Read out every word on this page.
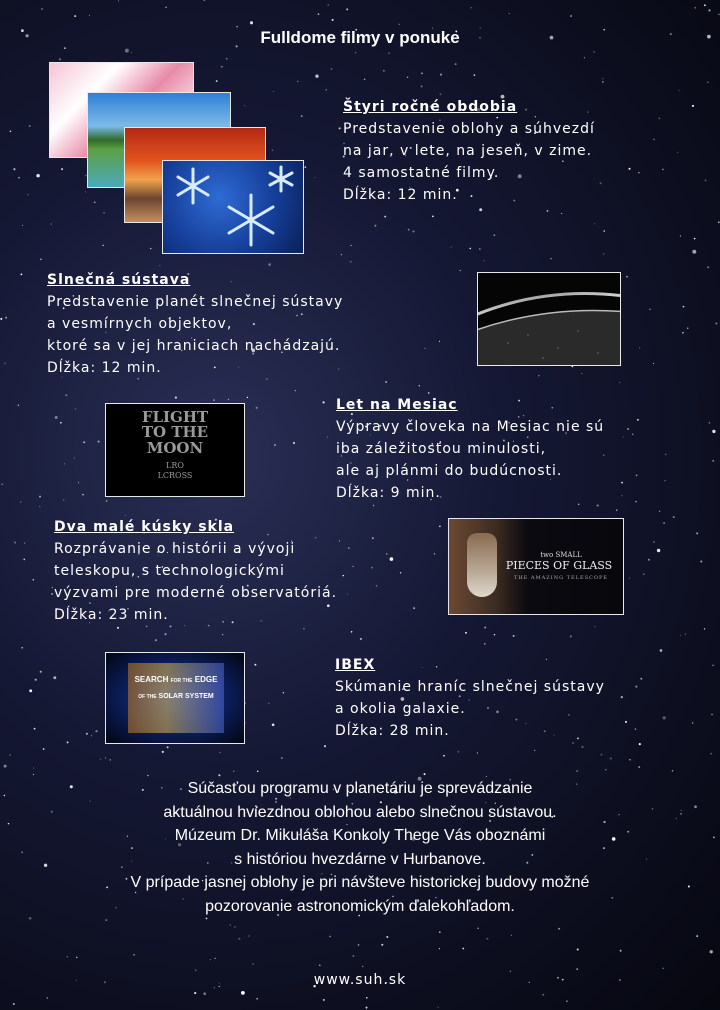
Fulldome filmy v ponuke
Štyri ročné obdobia
Predstavenie oblohy a súhvezdí
na jar, v lete, na jeseň, v zime.
4 samostatné filmy.
Dĺžka: 12 min.
Slnečná sústava
Predstavenie planét slnečnej sústavy
a vesmírnych objektov,
ktoré sa v jej hraniciach nachádzajú.
Dĺžka: 12 min.
FLIGHT
TO THE
MOON
LRO
LCROSS
Let na Mesiac
Výpravy človeka na Mesiac nie sú
iba záležitosťou minulosti,
ale aj plánmi do budúcnosti.
Dĺžka: 9 min.
Dva malé kúsky skla
Rozprávanie o histórii a vývoji
teleskopu, s technologickými
výzvami pre moderné observatóriá.
Dĺžka: 23 min.
two SMALL
PIECES OF GLASS
THE AMAZING TELESCOPE
SEARCH FOR THE EDGE
OF THE SOLAR SYSTEM
IBEX
Skúmanie hraníc slnečnej sústavy
a okolia galaxie.
Dĺžka: 28 min.
Súčasťou programu v planetáriu je sprevádzanie
aktuálnou hviezdnou oblohou alebo slnečnou sústavou.
Múzeum Dr. Mikuláša Konkoly Thege Vás oboznámi
s históriou hvezdárne v Hurbanove.
V prípade jasnej oblohy je pri návšteve historickej budovy možné
pozorovanie astronomickým ďalekohľadom.
www.suh.sk
